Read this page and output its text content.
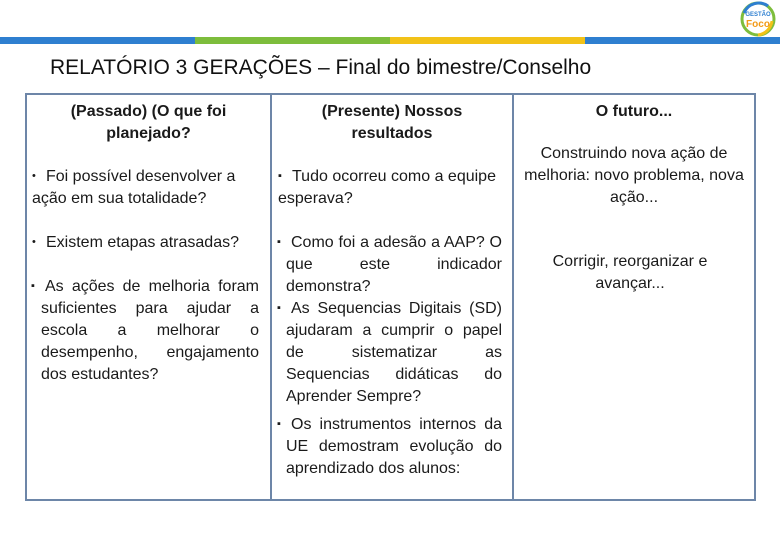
GESTÃO
Foco
RELATÓRIO 3 GERAÇÕES – Final do bimestre/Conselho
(Passado) (O que foi planejado?
• Foi possível desenvolver a ação em sua totalidade?
• Existem etapas atrasadas?
▪ As ações de melhoria foram suficientes para ajudar a escola a melhorar o desempenho, engajamento dos estudantes?
(Presente) Nossos resultados
▪ Tudo ocorreu como a equipe esperava?
▪ Como foi a adesão a AAP? O que este indicador demonstra?
▪ As Sequencias Digitais (SD) ajudaram a cumprir o papel de sistematizar as Sequencias didáticas do Aprender Sempre?
▪ Os instrumentos internos da UE demostram evolução do aprendizado dos alunos:
O futuro...
Construindo nova ação de melhoria: novo problema, nova ação...
Corrigir, reorganizar e avançar...
